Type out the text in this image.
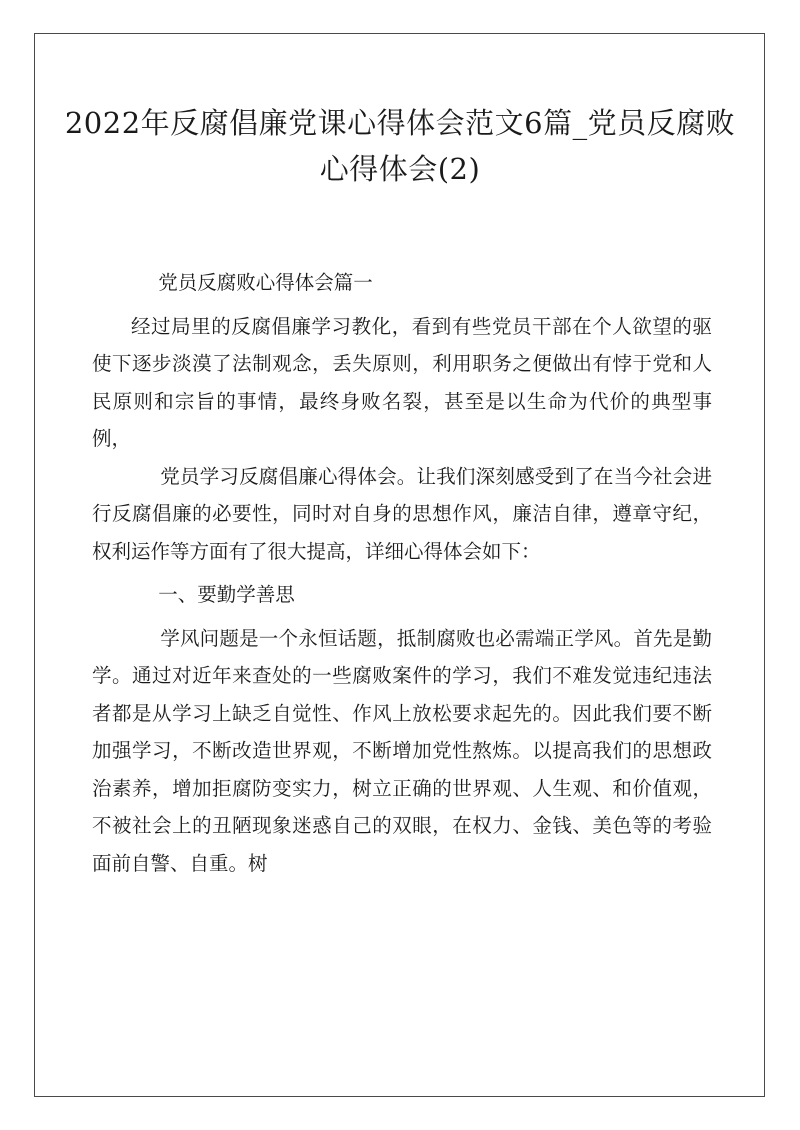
2022年反腐倡廉党课心得体会范文6篇_党员反腐败心得体会(2)

党员反腐败心得体会篇一

经过局里的反腐倡廉学习教化，看到有些党员干部在个人欲望的驱使下逐步淡漠了法制观念，丢失原则，利用职务之便做出有悖于党和人民原则和宗旨的事情，最终身败名裂，甚至是以生命为代价的典型事例，

党员学习反腐倡廉心得体会。让我们深刻感受到了在当今社会进行反腐倡廉的必要性，同时对自身的思想作风，廉洁自律，遵章守纪，权利运作等方面有了很大提高，详细心得体会如下：

一、要勤学善思

学风问题是一个永恒话题，抵制腐败也必需端正学风。首先是勤学。通过对近年来查处的一些腐败案件的学习，我们不难发觉违纪违法者都是从学习上缺乏自觉性、作风上放松要求起先的。因此我们要不断加强学习，不断改造世界观，不断增加党性熬炼。以提高我们的思想政治素养，增加拒腐防变实力，树立正确的世界观、人生观、和价值观，不被社会上的丑陋现象迷惑自己的双眼，在权力、金钱、美色等的考验面前自警、自重。树
